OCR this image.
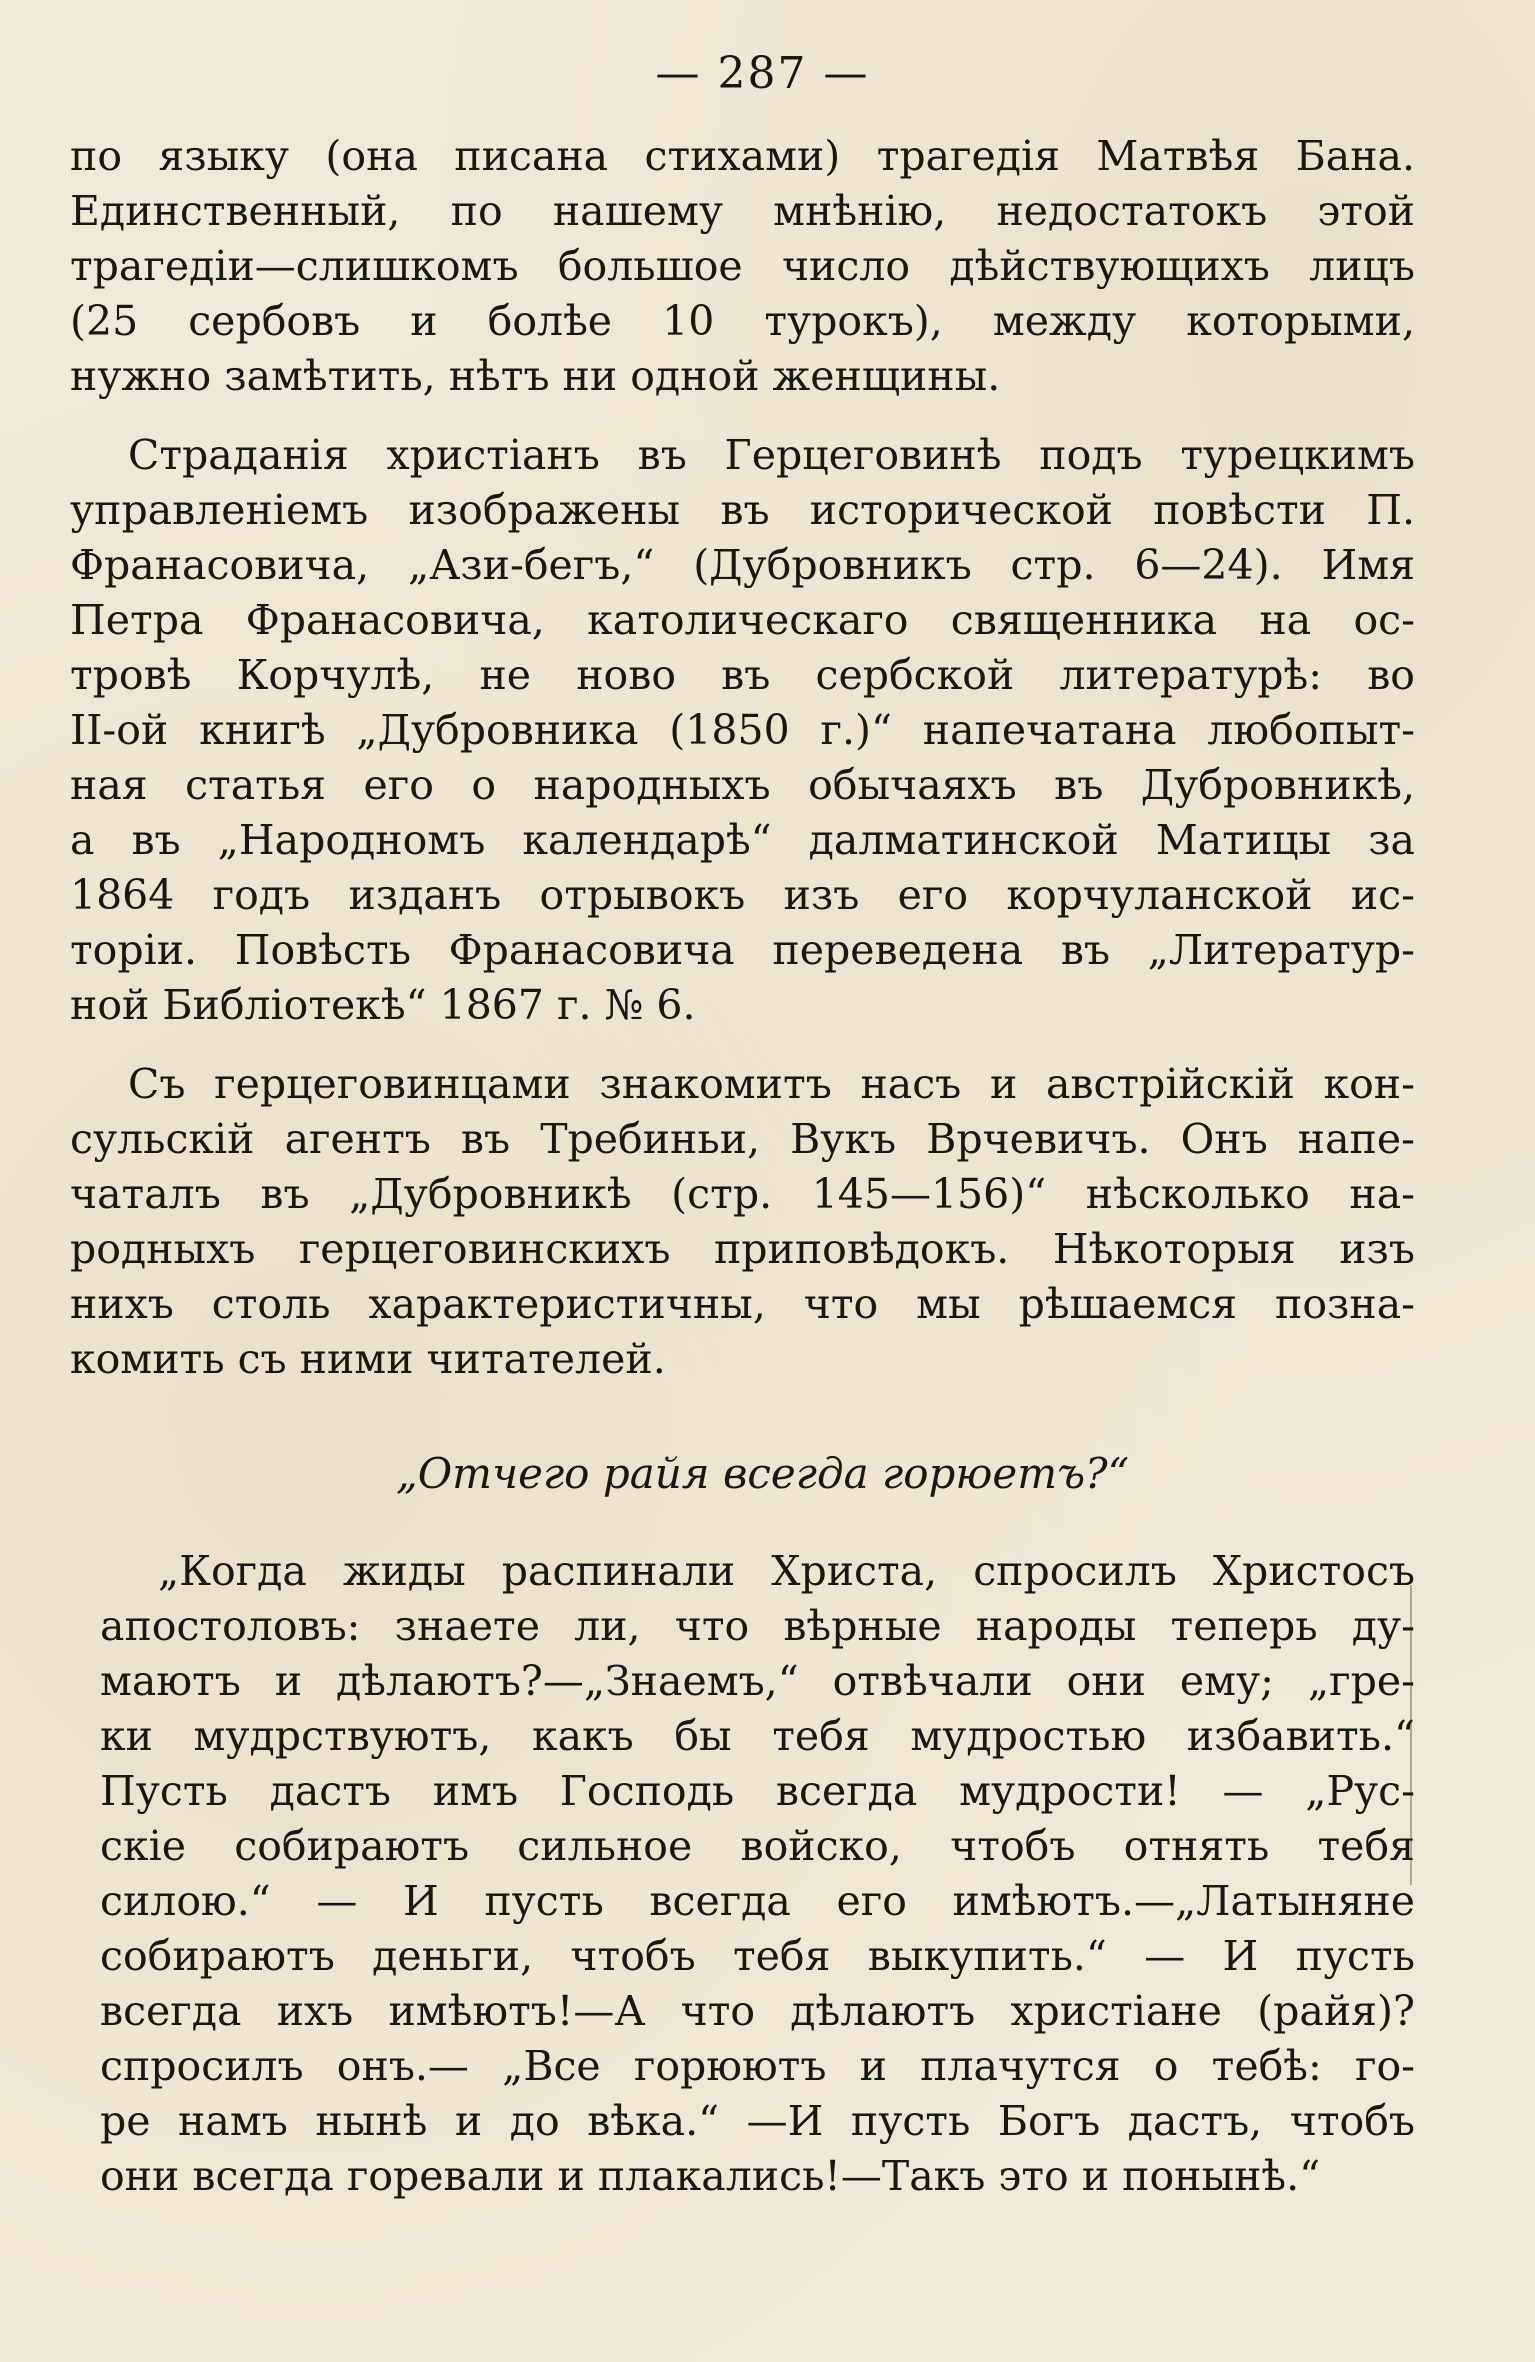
— 287 —

по языку (она писана стихами) трагедія Матвѣя Бана.
Единственный, по нашему мнѣнію, недостатокъ этой
трагедіи—слишкомъ большое число дѣйствующихъ лицъ
(25 сербовъ и болѣе 10 турокъ), между которыми,
нужно замѣтить, нѣтъ ни одной женщины.

Страданія христіанъ въ Герцеговинѣ подъ турецкимъ
управленіемъ изображены въ исторической повѣсти П.
Франасовича, „Ази-бегъ,“ (Дубровникъ стр. 6—24). Имя
Петра Франасовича, католическаго священника на ос-
тровѣ Корчулѣ, не ново въ сербской литературѣ: во
II-ой книгѣ „Дубровника (1850 г.)“ напечатана любопыт-
ная статья его о народныхъ обычаяхъ въ Дубровникѣ,
а въ „Народномъ календарѣ“ далматинской Матицы за
1864 годъ изданъ отрывокъ изъ его корчуланской ис-
торіи. Повѣсть Франасовича переведена въ „Литератур-
ной Библіотекѣ“ 1867 г. № 6.

Съ герцеговинцами знакомитъ насъ и австрійскій кон-
сульскій агентъ въ Требиньи, Вукъ Врчевичъ. Онъ напе-
чаталъ въ „Дубровникѣ (стр. 145—156)“ нѣсколько на-
родныхъ герцеговинскихъ приповѣдокъ. Нѣкоторыя изъ
нихъ столь характеристичны, что мы рѣшаемся позна-
комить съ ними читателей.

„Отчего райя всегда горюетъ?“

„Когда жиды распинали Христа, спросилъ Христосъ
апостоловъ: знаете ли, что вѣрные народы теперь ду-
маютъ и дѣлаютъ?—„Знаемъ,“ отвѣчали они ему; „гре-
ки мудрствуютъ, какъ бы тебя мудростью избавить.“
Пусть дастъ имъ Господь всегда мудрости! — „Рус-
скіе собираютъ сильное войско, чтобъ отнять тебя
силою.“ — И пусть всегда его имѣютъ.—„Латыняне
собираютъ деньги, чтобъ тебя выкупить.“ — И пусть
всегда ихъ имѣютъ!—А что дѣлаютъ христіане (райя)?
спросилъ онъ.— „Все горюютъ и плачутся о тебѣ: го-
ре намъ нынѣ и до вѣка.“ —И пусть Богъ дастъ, чтобъ
они всегда горевали и плакались!—Такъ это и понынѣ.“
